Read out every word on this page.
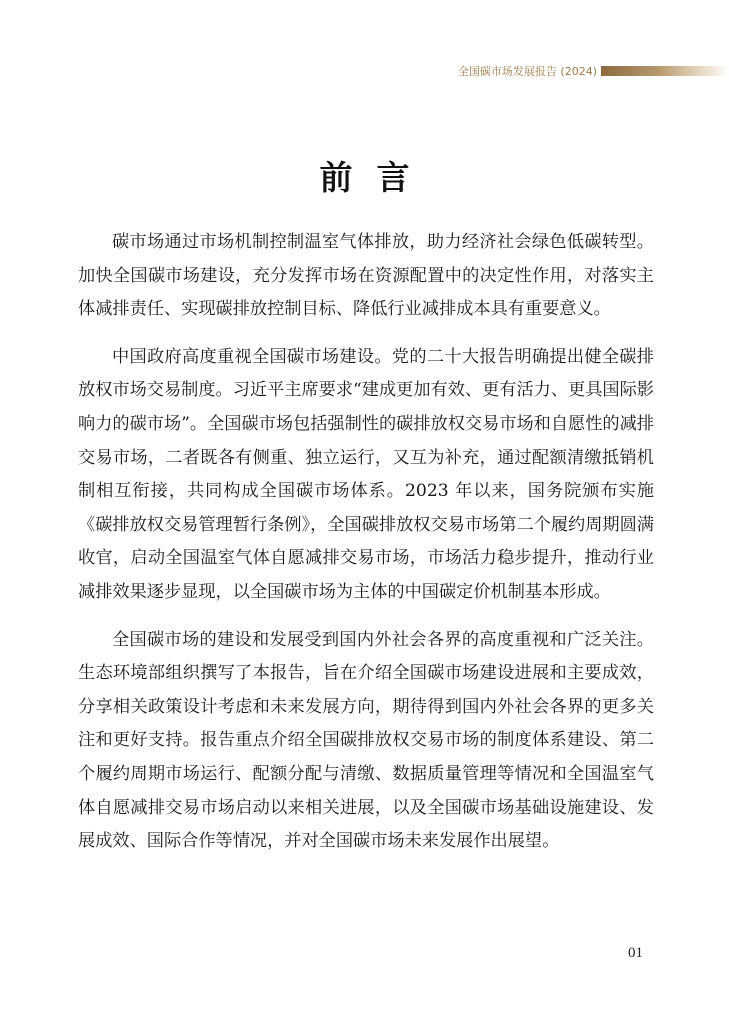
全国碳市场发展报告 (2024)
前言

碳市场通过市场机制控制温室气体排放，助力经济社会绿色低碳转型。加快全国碳市场建设，充分发挥市场在资源配置中的决定性作用，对落实主体减排责任、实现碳排放控制目标、降低行业减排成本具有重要意义。

中国政府高度重视全国碳市场建设。党的二十大报告明确提出健全碳排放权市场交易制度。习近平主席要求“建成更加有效、更有活力、更具国际影响力的碳市场”。全国碳市场包括强制性的碳排放权交易市场和自愿性的减排交易市场，二者既各有侧重、独立运行，又互为补充，通过配额清缴抵销机制相互衔接，共同构成全国碳市场体系。2023 年以来，国务院颁布实施《碳排放权交易管理暂行条例》，全国碳排放权交易市场第二个履约周期圆满收官，启动全国温室气体自愿减排交易市场，市场活力稳步提升，推动行业减排效果逐步显现，以全国碳市场为主体的中国碳定价机制基本形成。

全国碳市场的建设和发展受到国内外社会各界的高度重视和广泛关注。生态环境部组织撰写了本报告，旨在介绍全国碳市场建设进展和主要成效，分享相关政策设计考虑和未来发展方向，期待得到国内外社会各界的更多关注和更好支持。报告重点介绍全国碳排放权交易市场的制度体系建设、第二个履约周期市场运行、配额分配与清缴、数据质量管理等情况和全国温室气体自愿减排交易市场启动以来相关进展，以及全国碳市场基础设施建设、发展成效、国际合作等情况，并对全国碳市场未来发展作出展望。

01
